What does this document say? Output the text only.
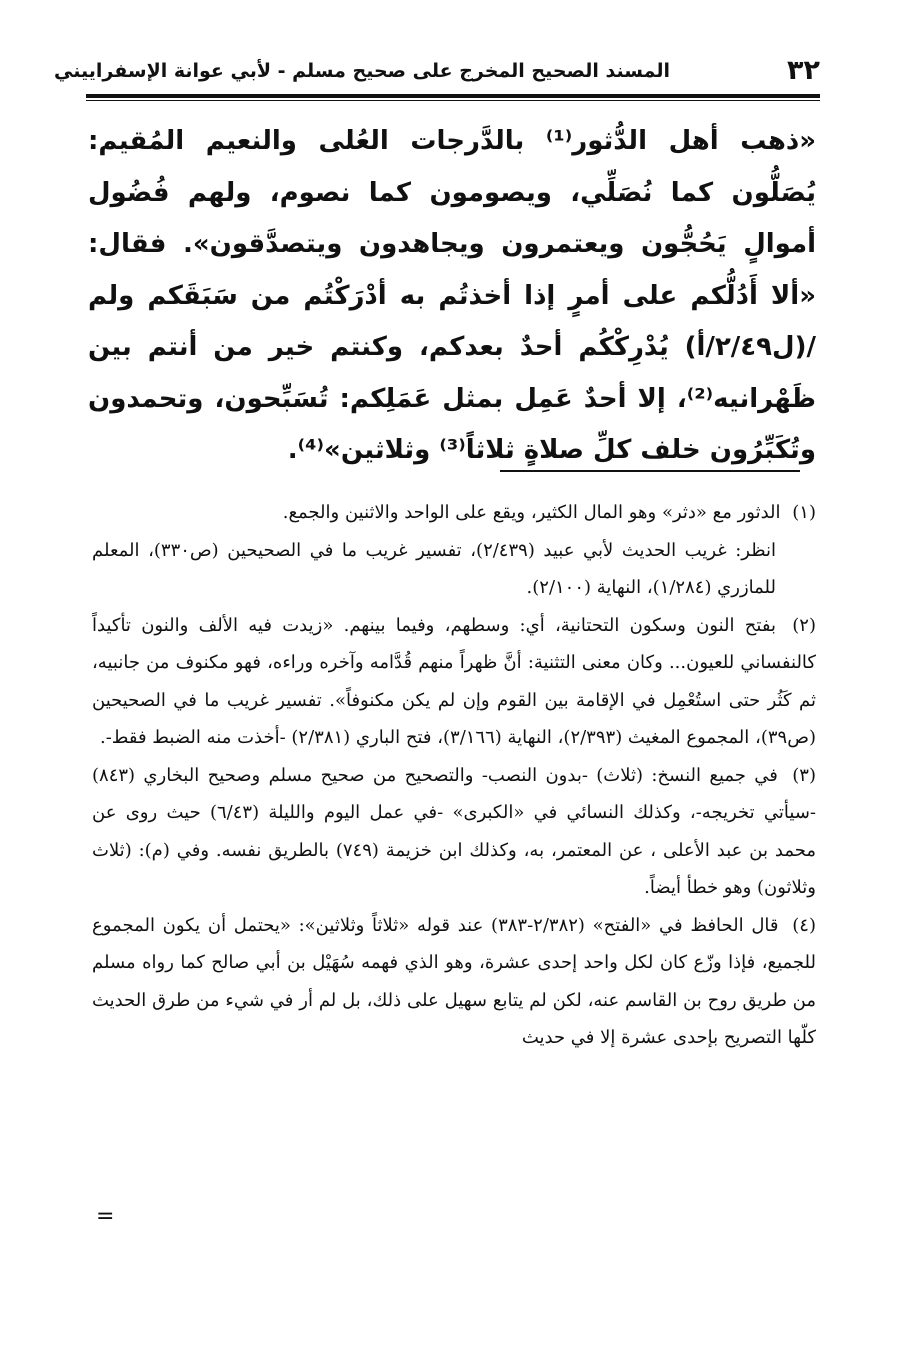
٣٢
المسند الصحيح المخرج على صحيح مسلم - لأبي عوانة الإسفراييني

«ذهب أهل الدُّثور⁽¹⁾ بالدَّرجات العُلى والنعيم المُقيم: يُصَلُّون كما نُصَلِّي، ويصومون كما نصوم، ولهم فُضُول أموالٍ يَحُجُّون ويعتمرون ويجاهدون ويتصدَّقون». فقال: «ألا أَدُلُّكم على أمرٍ إذا أخذتُم به أدْرَكْتُم من سَبَقَكم ولم /(ل٢/٤٩/أ) يُدْرِكْكُم أحدٌ بعدكم، وكنتم خير من أنتم بين ظَهْرانيه⁽²⁾، إلا أحدٌ عَمِل بمثل عَمَلِكم: تُسَبِّحون، وتحمدون وتُكَبِّرُون خلف كلِّ صلاةٍ ثلاثاً⁽³⁾ وثلاثين»⁽⁴⁾.

(١) الدثور مع «دثر» وهو المال الكثير، ويقع على الواحد والاثنين والجمع.

انظر: غريب الحديث لأبي عبيد (٢/٤٣٩)، تفسير غريب ما في الصحيحين (ص٣٣٠)، المعلم للمازري (١/٢٨٤)، النهاية (٢/١٠٠).

(٢) بفتح النون وسكون التحتانية، أي: وسطهم، وفيما بينهم. «زيدت فيه الألف والنون تأكيداً كالنفساني للعيون... وكان معنى التثنية: أنَّ ظهراً منهم قُدَّامه وآخره وراءه، فهو مكنوف من جانبيه، ثم كَثُر حتى استُعْمِل في الإقامة بين القوم وإن لم يكن مكنوفاً». تفسير غريب ما في الصحيحين (ص٣٩)، المجموع المغيث (٢/٣٩٣)، النهاية (٣/١٦٦)، فتح الباري (٢/٣٨١) -أخذت منه الضبط فقط-.

(٣) في جميع النسخ: (ثلاث) -بدون النصب- والتصحيح من صحيح مسلم وصحيح البخاري (٨٤٣) -سيأتي تخريجه-، وكذلك النسائي في «الكبرى» -في عمل اليوم والليلة (٦/٤٣) حيث روى عن محمد بن عبد الأعلى ، عن المعتمر، به، وكذلك ابن خزيمة (٧٤٩) بالطريق نفسه. وفي (م): (ثلاث وثلاثون) وهو خطأ أيضاً.

(٤) قال الحافظ في «الفتح» (٢/٣٨٢-٣٨٣) عند قوله «ثلاثاً وثلاثين»: «يحتمل أن يكون المجموع للجميع، فإذا وزّع كان لكل واحد إحدى عشرة، وهو الذي فهمه سُهَيْل بن أبي صالح كما رواه مسلم من طريق روح بن القاسم عنه، لكن لم يتابع سهيل على ذلك، بل لم أر في شيء من طرق الحديث كلّها التصريح بإحدى عشرة إلا في حديث

=
